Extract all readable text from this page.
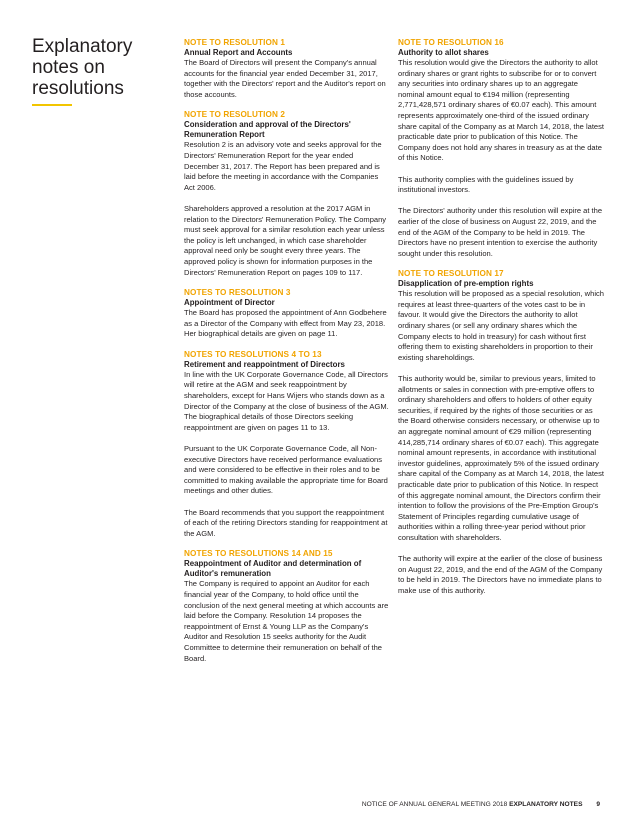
Explanatory notes on resolutions
NOTE TO RESOLUTION 1
Annual Report and Accounts

The Board of Directors will present the Company's annual accounts for the financial year ended December 31, 2017, together with the Directors' report and the Auditor's report on those accounts.

NOTE TO RESOLUTION 2
Consideration and approval of the Directors' Remuneration Report

Resolution 2 is an advisory vote and seeks approval for the Directors' Remuneration Report for the year ended December 31, 2017. The Report has been prepared and is laid before the meeting in accordance with the Companies Act 2006.

Shareholders approved a resolution at the 2017 AGM in relation to the Directors' Remuneration Policy. The Company must seek approval for a similar resolution each year unless the policy is left unchanged, in which case shareholder approval need only be sought every three years. The approved policy is shown for information purposes in the Directors' Remuneration Report on pages 109 to 117.

NOTES TO RESOLUTION 3
Appointment of Director

The Board has proposed the appointment of Ann Godbehere as a Director of the Company with effect from May 23, 2018. Her biographical details are given on page 11.

NOTES TO RESOLUTIONS 4 TO 13
Retirement and reappointment of Directors

In line with the UK Corporate Governance Code, all Directors will retire at the AGM and seek reappointment by shareholders, except for Hans Wijers who stands down as a Director of the Company at the close of business of the AGM. The biographical details of those Directors seeking reappointment are given on pages 11 to 13.

Pursuant to the UK Corporate Governance Code, all Non-executive Directors have received performance evaluations and were considered to be effective in their roles and to be committed to making available the appropriate time for Board meetings and other duties.

The Board recommends that you support the reappointment of each of the retiring Directors standing for reappointment at the AGM.

NOTES TO RESOLUTIONS 14 AND 15
Reappointment of Auditor and determination of Auditor's remuneration

The Company is required to appoint an Auditor for each financial year of the Company, to hold office until the conclusion of the next general meeting at which accounts are laid before the Company. Resolution 14 proposes the reappointment of Ernst & Young LLP as the Company's Auditor and Resolution 15 seeks authority for the Audit Committee to determine their remuneration on behalf of the Board.

NOTE TO RESOLUTION 16
Authority to allot shares

This resolution would give the Directors the authority to allot ordinary shares or grant rights to subscribe for or to convert any securities into ordinary shares up to an aggregate nominal amount equal to €194 million (representing 2,771,428,571 ordinary shares of €0.07 each). This amount represents approximately one-third of the issued ordinary share capital of the Company as at March 14, 2018, the latest practicable date prior to publication of this Notice. The Company does not hold any shares in treasury as at the date of this Notice.

This authority complies with the guidelines issued by institutional investors.

The Directors' authority under this resolution will expire at the earlier of the close of business on August 22, 2019, and the end of the AGM of the Company to be held in 2019. The Directors have no present intention to exercise the authority sought under this resolution.

NOTE TO RESOLUTION 17
Disapplication of pre-emption rights

This resolution will be proposed as a special resolution, which requires at least three-quarters of the votes cast to be in favour. It would give the Directors the authority to allot ordinary shares (or sell any ordinary shares which the Company elects to hold in treasury) for cash without first offering them to existing shareholders in proportion to their existing shareholdings.

This authority would be, similar to previous years, limited to allotments or sales in connection with pre-emptive offers to ordinary shareholders and offers to holders of other equity securities, if required by the rights of those securities or as the Board otherwise considers necessary, or otherwise up to an aggregate nominal amount of €29 million (representing 414,285,714 ordinary shares of €0.07 each). This aggregate nominal amount represents, in accordance with institutional investor guidelines, approximately 5% of the issued ordinary share capital of the Company as at March 14, 2018, the latest practicable date prior to publication of this Notice. In respect of this aggregate nominal amount, the Directors confirm their intention to follow the provisions of the Pre-Emption Group's Statement of Principles regarding cumulative usage of authorities within a rolling three-year period without prior consultation with shareholders.

The authority will expire at the earlier of the close of business on August 22, 2019, and the end of the AGM of the Company to be held in 2019. The Directors have no immediate plans to make use of this authority.

NOTICE OF ANNUAL GENERAL MEETING 2018 EXPLANATORY NOTES 9
